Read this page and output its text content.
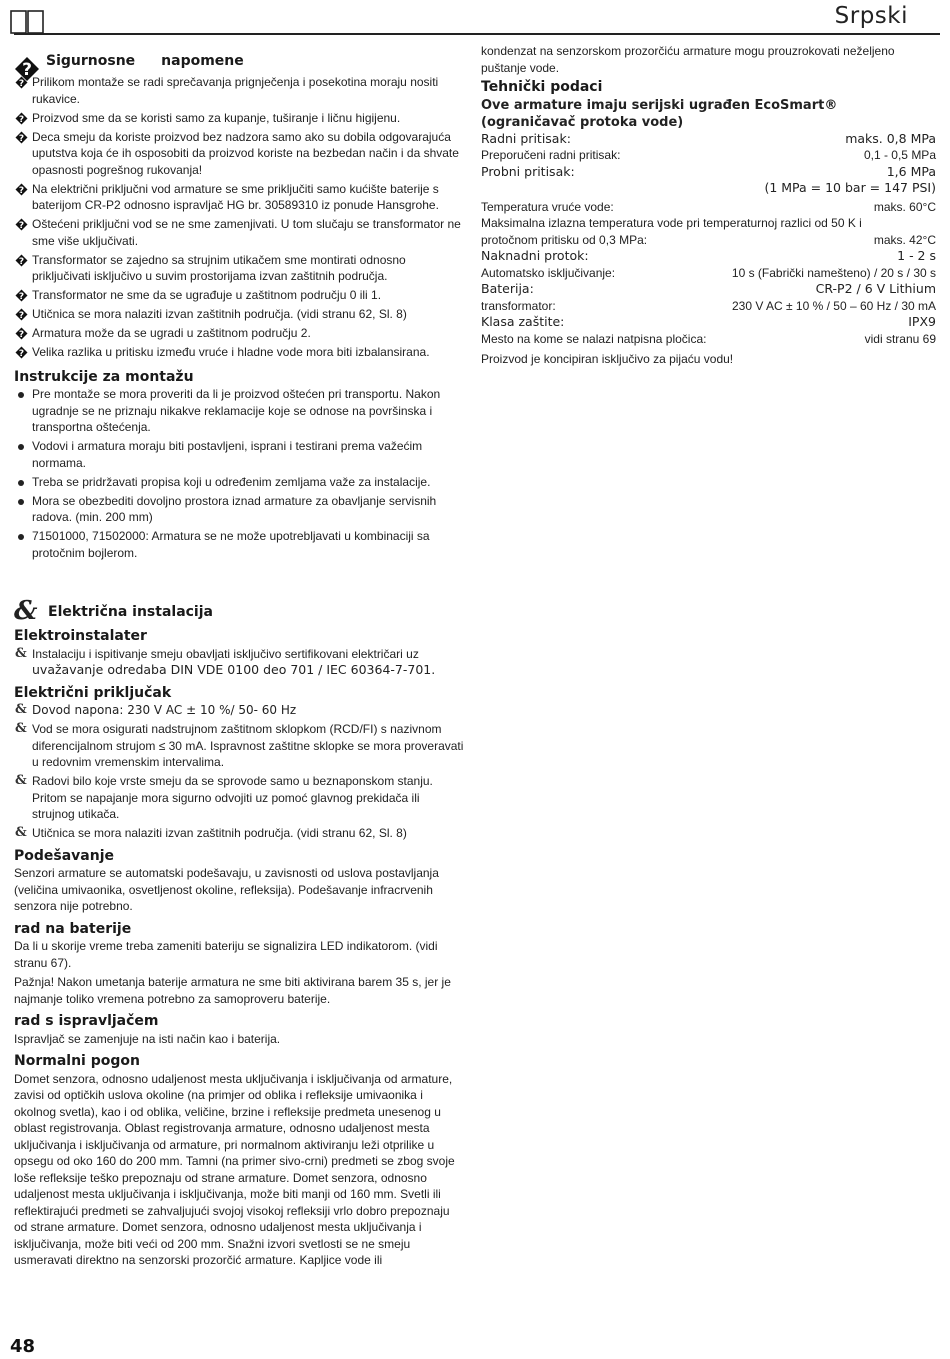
Srpski
? Sigurnosne napomene
? Prilikom montaže se radi sprečavanja prignječenja i posekotina moraju nositi rukavice.
? Proizvod sme da se koristi samo za kupanje, tuširanje i ličnu higijenu.
? Deca smeju da koriste proizvod bez nadzora samo ako su dobila odgovarajuća uputstva koja će ih osposobiti da proizvod koriste na bezbedan način i da shvate opasnosti pogrešnog rukovanja!
? Na električni priključni vod armature se sme priključiti samo kućište baterije s baterijom CR-P2 odnosno ispravljač HG br. 30589310 iz ponude Hansgrohe.
? Oštećeni priključni vod se ne sme zamenjivati. U tom slučaju se transformator ne sme više uključivati.
? Transformator se zajedno sa strujnim utikačem sme montirati odnosno priključivati isključivo u suvim prostorijama izvan zaštitnih područja.
? Transformator ne sme da se ugrađuje u zaštitnom području 0 ili 1.
? Utičnica se mora nalaziti izvan zaštitnih područja. (vidi stranu 62, Sl. 8)
? Armatura može da se ugradi u zaštitnom području 2.
? Velika razlika u pritisku između vruće i hladne vode mora biti izbalansirana.
Instrukcije za montažu
Pre montaže se mora proveriti da li je proizvod oštećen pri transportu. Nakon ugradnje se ne priznaju nikakve reklamacije koje se odnose na površinska i transportna oštećenja.
Vodovi i armatura moraju biti postavljeni, isprani i testirani prema važećim normama.
Treba se pridržavati propisa koji u određenim zemljama važe za instalacije.
Mora se obezbediti dovoljno prostora iznad armature za obavljanje servisnih radova. (min. 200 mm)
71501000, 71502000: Armatura se ne može upotrebljavati u kombinaciji sa protočnim bojlerom.
kondenzat na senzorskom prozorčiću armature mogu prouzrokovati neželjeno puštanje vode.
Tehnički podaci
Ove armature imaju serijski ugrađen EcoSmart® (ograničavač protoka vode)
Radni pritisak:	maks. 0,8 MPa
Preporučeni radni pritisak:	0,1 - 0,5 MPa
Probni pritisak:	1,6 MPa
(1 MPa = 10 bar = 147 PSI)
Temperatura vruće vode:	maks. 60°C
Maksimalna izlazna temperatura vode pri temperaturnoj razlici od 50 K i
protočnom pritisku od 0,3 MPa:	maks. 42°C
Naknadni protok:	1 - 2 s
Automatsko isključivanje:	10 s (Fabrički namešteno) / 20 s / 30 s
Baterija:	CR-P2 / 6 V Lithium
transformator:	230 V AC ± 10 % / 50 – 60 Hz / 30 mA
Klasa zaštite:	IPX9
Mesto na kome se nalazi natpisna pločica:	vidi stranu 69
Proizvod je koncipiran isključivo za pijaću vodu!
& Električna instalacija
Elektroinstalater
& Instalaciju i ispitivanje smeju obavljati isključivo sertifikovani električari uz
uvažavanje odredaba DIN VDE 0100 deo 701 / IEC 60364-7-701.
Električni priključak
& Dovod napona: 230 V AC ± 10 %/ 50- 60 Hz
& Vod se mora osigurati nadstrujnom zaštitnom sklopkom (RCD/FI) s nazivnom diferencijalnom strujom ≤ 30 mA. Ispravnost zaštitne sklopke se mora proveravati u redovnim vremenskim intervalima.
& Radovi bilo koje vrste smeju da se sprovode samo u beznaponskom stanju. Pritom se napajanje mora sigurno odvojiti uz pomoć glavnog prekidača ili strujnog utikača.
& Utičnica se mora nalaziti izvan zaštitnih područja. (vidi stranu 62, Sl. 8)
Podešavanje
Senzori armature se automatski podešavaju, u zavisnosti od uslova postavljanja (veličina umivaonika, osvetljenost okoline, refleksija). Podešavanje infracrvenih senzora nije potrebno.
rad na baterije
Da li u skorije vreme treba zameniti bateriju se signalizira LED indikatorom. (vidi stranu 67).
Pažnja! Nakon umetanja baterije armatura ne sme biti aktivirana barem 35 s, jer je najmanje toliko vremena potrebno za samoproveru baterije.
rad s ispravljačem
Ispravljač se zamenjuje na isti način kao i baterija.
Normalni pogon
Domet senzora, odnosno udaljenost mesta uključivanja i isključivanja od armature, zavisi od optičkih uslova okoline (na primjer od oblika i refleksije umivaonika i okolnog svetla), kao i od oblika, veličine, brzine i refleksije predmeta unesenog u oblast registrovanja. Oblast registrovanja armature, odnosno udaljenost mesta uključivanja i isključivanja od armature, pri normalnom aktiviranju leži otprilike u opsegu od oko 160 do 200 mm. Tamni (na primer sivo-crni) predmeti se zbog svoje loše refleksije teško prepoznaju od strane armature. Domet senzora, odnosno udaljenost mesta uključivanja i isključivanja, može biti manji od 160 mm. Svetli ili reflektirajući predmeti se zahvaljujući svojoj visokoj refleksiji vrlo dobro prepoznaju od strane armature. Domet senzora, odnosno udaljenost mesta uključivanja i isključivanja, može biti veći od 200 mm. Snažni izvori svetlosti se ne smeju usmeravati direktno na senzorski prozorčić armature. Kapljice vode ili
48
